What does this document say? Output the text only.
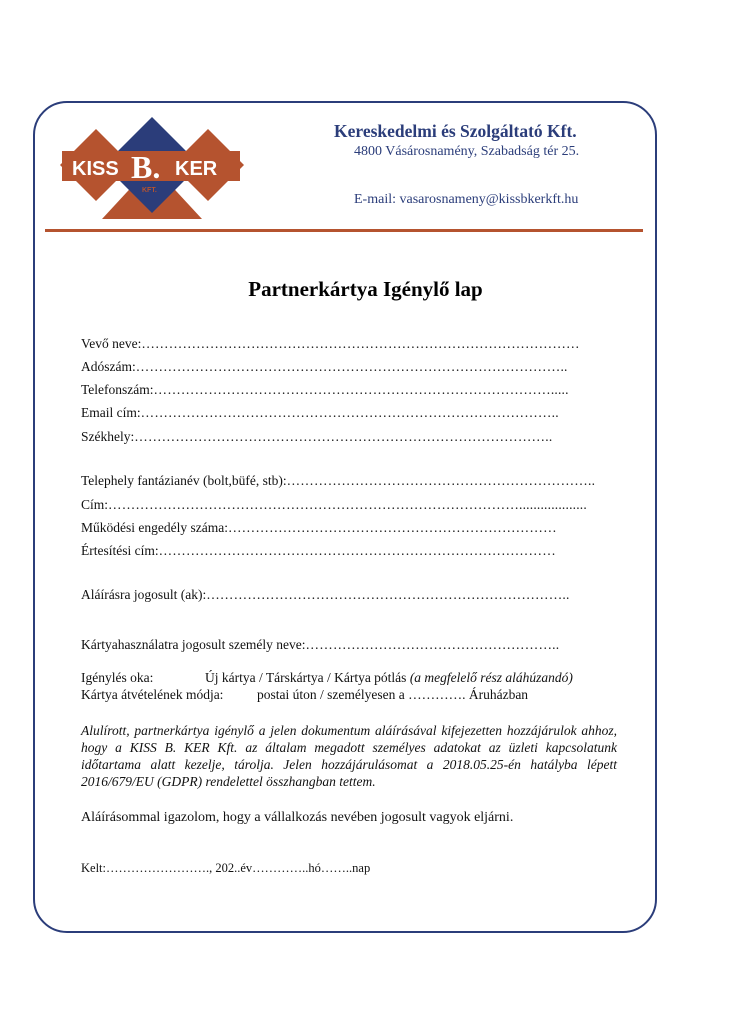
KISS B. KER
KFT.
Kereskedelmi és Szolgáltató Kft.
4800 Vásárosnamény, Szabadság tér 25.
E-mail: vasarosnameny@kissbkerkft.hu
Partnerkártya Igénylő lap
Vevő neve:……………………………………………………………………………………
Adószám:…………………………………………………………………………………..
Telefonszám:…………………………………………………………………………….....
Email cím:………………………………………………………………………………..
Székhely:………………………………………………………………………………..
Telephely fantázianév (bolt,büfé, stb):…………………………………………………………..
Cím:………………………………………………………………………………...................
Működési engedély száma:………………………………………………………………
Értesítési cím:……………………………………………………………………………
Aláírásra jogosult (ak):……………………………………………………………………..
Kártyahasználatra jogosult személy neve:………………………………………………..
Igénylés oka:	Új kártya / Társkártya / Kártya pótlás (a megfelelő rész aláhúzandó)
Kártya átvételének módja: postai úton / személyesen a …………. Áruházban
Alulírott, partnerkártya igénylő a jelen dokumentum aláírásával kifejezetten hozzájárulok ahhoz, hogy a KISS B. KER Kft. az általam megadott személyes adatokat az üzleti kapcsolatunk időtartama alatt kezelje, tárolja. Jelen hozzájárulásomat a 2018.05.25-én hatályba lépett 2016/679/EU (GDPR) rendelettel összhangban tettem.
Aláírásommal igazolom, hogy a vállalkozás nevében jogosult vagyok eljárni.
Kelt:……………………., 202..év…………..hó……..nap
